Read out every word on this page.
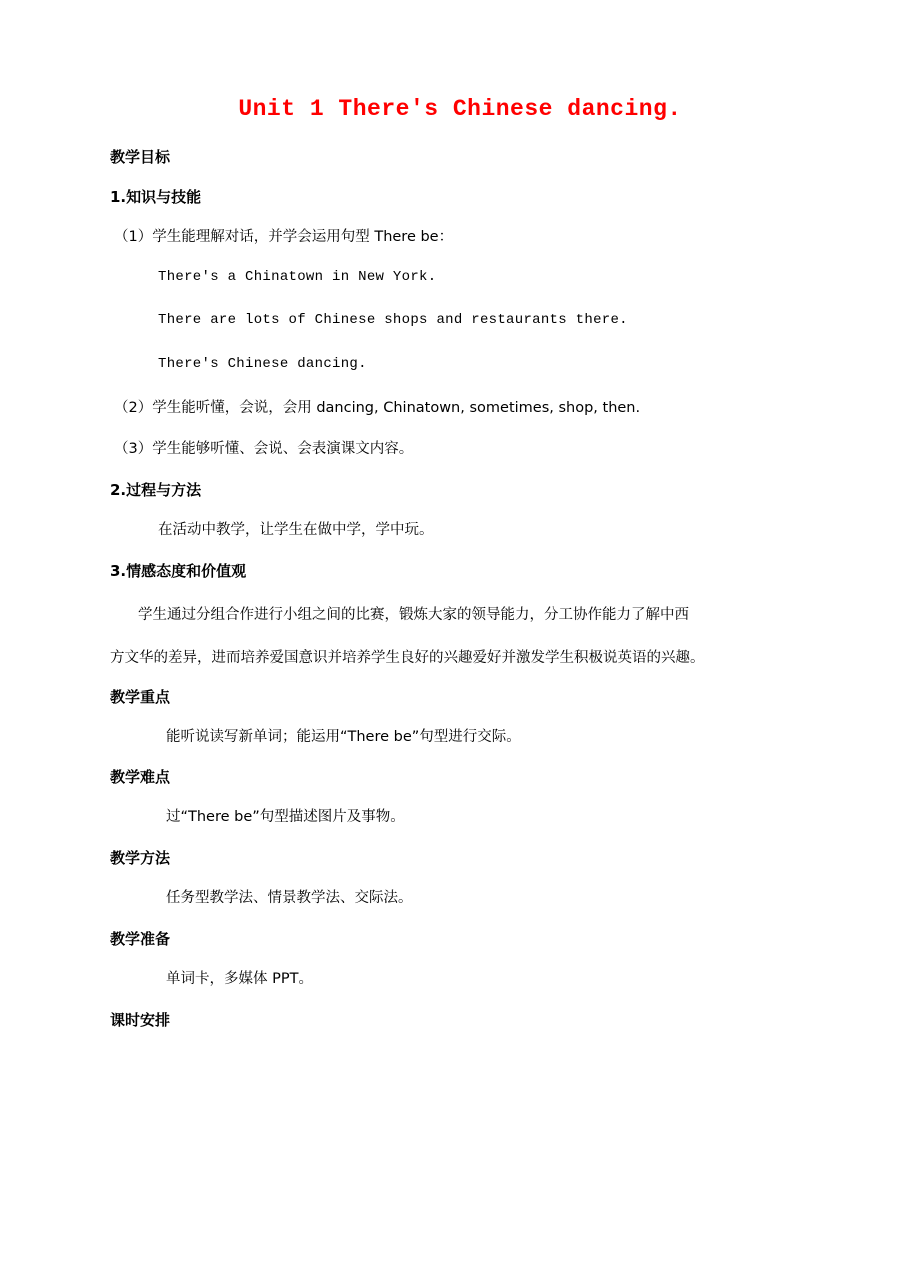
Unit 1 There's Chinese dancing.
教学目标
1.知识与技能
（1）学生能理解对话，并学会运用句型 There be：
There's a Chinatown in New York.
There are lots of Chinese shops and restaurants there.
There's Chinese dancing.
（2）学生能听懂，会说，会用 dancing, Chinatown, sometimes, shop, then.
（3）学生能够听懂、会说、会表演课文内容。
2.过程与方法
在活动中教学，让学生在做中学，学中玩。
3.情感态度和价值观
学生通过分组合作进行小组之间的比赛，锻炼大家的领导能力，分工协作能力了解中西
方文华的差异，进而培养爱国意识并培养学生良好的兴趣爱好并激发学生积极说英语的兴趣。
教学重点
能听说读写新单词；能运用“There be”句型进行交际。
教学难点
过“There be”句型描述图片及事物。
教学方法
任务型教学法、情景教学法、交际法。
教学准备
单词卡，多媒体 PPT。
课时安排
